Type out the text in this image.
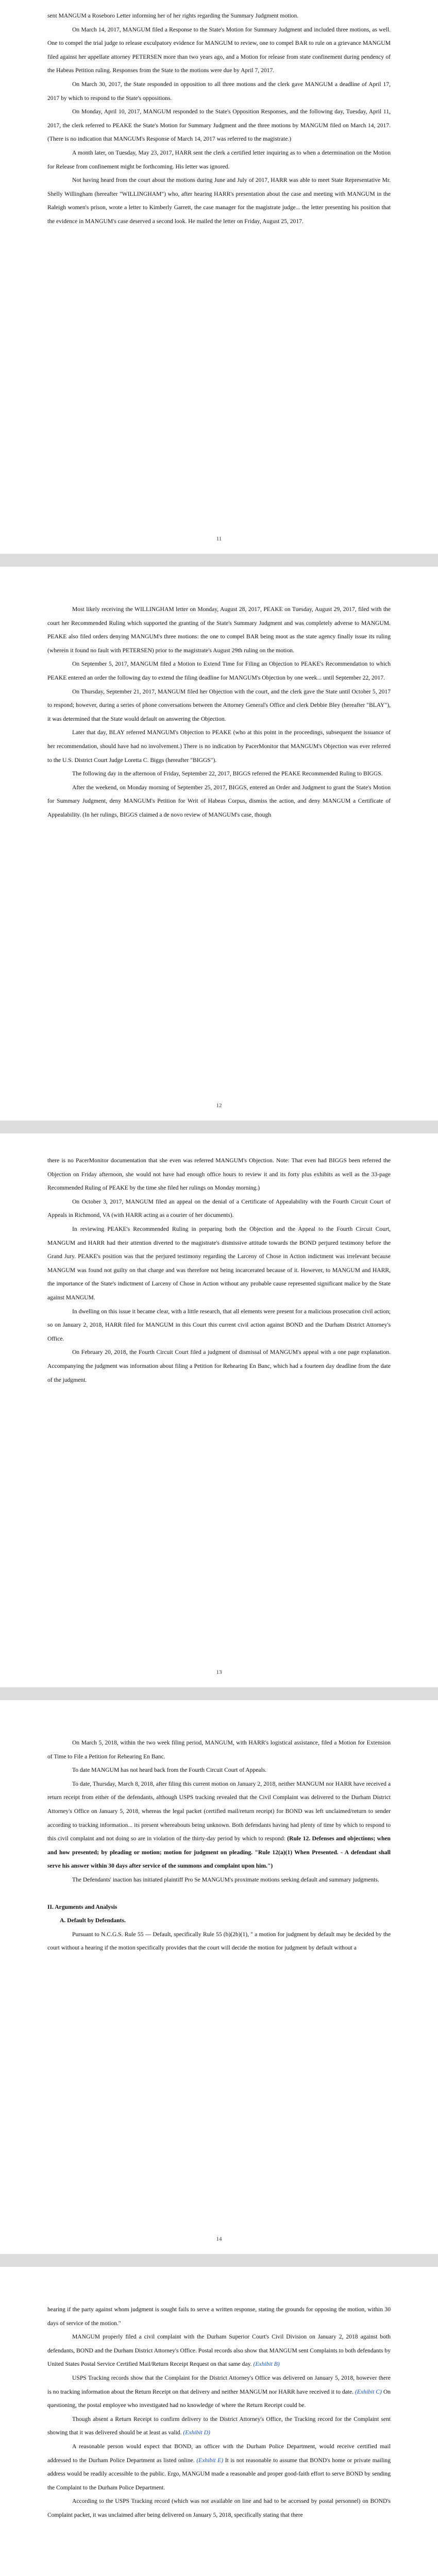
sent MANGUM a Roseboro Letter informing her of her rights regarding the Summary Judgment motion.

On March 14, 2017, MANGUM filed a Response to the State's Motion for Summary Judgment and included three motions, as well. One to compel the trial judge to release exculpatory evidence for MANGUM to review, one to compel BAR to rule on a grievance MANGUM filed against her appellate attorney PETERSEN more than two years ago, and a Motion for release from state confinement during pendency of the Habeas Petition ruling. Responses from the State to the motions were due by April 7, 2017.

On March 30, 2017, the State responded in opposition to all three motions and the clerk gave MANGUM a deadline of April 17, 2017 by which to respond to the State's oppositions.

On Monday, April 10, 2017, MANGUM responded to the State's Opposition Responses, and the following day, Tuesday, April 11, 2017, the clerk referred to PEAKE the State's Motion for Summary Judgment and the three motions by MANGUM filed on March 14, 2017. (There is no indication that MANGUM's Response of March 14, 2017 was referred to the magistrate.)

A month later, on Tuesday, May 23, 2017, HARR sent the clerk a certified letter inquiring as to when a determination on the Motion for Release from confinement might be forthcoming. His letter was ignored.

Not having heard from the court about the motions during June and July of 2017, HARR was able to meet State Representative Mr. Shelly Willingham (hereafter "WILLINGHAM") who, after hearing HARR's presentation about the case and meeting with MANGUM in the Raleigh women's prison, wrote a letter to Kimberly Garrett, the case manager for the magistrate judge... the letter presenting his position that the evidence in MANGUM's case deserved a second look. He mailed the letter on Friday, August 25, 2017.

11

Most likely receiving the WILLINGHAM letter on Monday, August 28, 2017, PEAKE on Tuesday, August 29, 2017, filed with the court her Recommended Ruling which supported the granting of the State's Summary Judgment and was completely adverse to MANGUM. PEAKE also filed orders denying MANGUM's three motions: the one to compel BAR being moot as the state agency finally issue its ruling (wherein it found no fault with PETERSEN) prior to the magistrate's August 29th ruling on the motion.

On September 5, 2017, MANGUM filed a Motion to Extend Time for Filing an Objection to PEAKE's Recommendation to which PEAKE entered an order the following day to extend the filing deadline for MANGUM's Objection by one week... until September 22, 2017.

On Thursday, September 21, 2017, MANGUM filed her Objection with the court, and the clerk gave the State until October 5, 2017 to respond; however, during a series of phone conversations between the Attorney General's Office and clerk Debbie Bley (hereafter "BLAY"), it was determined that the State would default on answering the Objection.

Later that day, BLAY referred MANGUM's Objection to PEAKE (who at this point in the proceedings, subsequent the issuance of her recommendation, should have had no involvement.) There is no indication by PacerMonitor that MANGUM's Objection was ever referred to the U.S. District Court Judge Loretta C. Biggs (hereafter "BIGGS").

The following day in the afternoon of Friday, September 22, 2017, BIGGS referred the PEAKE Recommended Ruling to BIGGS.

After the weekend, on Monday morning of September 25, 2017, BIGGS, entered an Order and Judgment to grant the State's Motion for Summary Judgment, deny MANGUM's Petition for Writ of Habeas Corpus, dismiss the action, and deny MANGUM a Certificate of Appealability. (In her rulings, BIGGS claimed a de novo review of MANGUM's case, though

12

there is no PacerMonitor documentation that she even was referred MANGUM's Objection. Note: That even had BIGGS been referred the Objection on Friday afternoon, she would not have had enough office hours to review it and its forty plus exhibits as well as the 33-page Recommended Ruling of PEAKE by the time she filed her rulings on Monday morning.)

On October 3, 2017, MANGUM filed an appeal on the denial of a Certificate of Appealability with the Fourth Circuit Court of Appeals in Richmond, VA (with HARR acting as a courier of her documents).

In reviewing PEAKE's Recommended Ruling in preparing both the Objection and the Appeal to the Fourth Circuit Court, MANGUM and HARR had their attention diverted to the magistrate's dismissive attitude towards the BOND perjured testimony before the Grand Jury. PEAKE's position was that the perjured testimony regarding the Larceny of Chose in Action indictment was irrelevant because MANGUM was found not guilty on that charge and was therefore not being incarcerated because of it. However, to MANGUM and HARR, the importance of the State's indictment of Larceny of Chose in Action without any probable cause represented significant malice by the State against MANGUM.

In dwelling on this issue it became clear, with a little research, that all elements were present for a malicious prosecution civil action; so on January 2, 2018, HARR filed for MANGUM in this Court this current civil action against BOND and the Durham District Attorney's Office.

On February 20, 2018, the Fourth Circuit Court filed a judgment of dismissal of MANGUM's appeal with a one page explanation. Accompanying the judgment was information about filing a Petition for Rehearing En Banc, which had a fourteen day deadline from the date of the judgment.

13

On March 5, 2018, within the two week filing period, MANGUM, with HARR's logistical assistance, filed a Motion for Extension of Time to File a Petition for Rehearing En Banc.

To date MANGUM has not heard back from the Fourth Circuit Court of Appeals.

To date, Thursday, March 8, 2018, after filing this current motion on January 2, 2018, neither MANGUM nor HARR have received a return receipt from either of the defendants, although USPS tracking revealed that the Civil Complaint was delivered to the Durham District Attorney's Office on January 5, 2018, whereas the legal packet (certified mail/return receipt) for BOND was left unclaimed/return to sender according to tracking information... its present whereabouts being unknown. Both defendants having had plenty of time by which to respond to this civil complaint and not doing so are in violation of the thirty-day period by which to respond: (Rule 12. Defenses and objections; when and how presented; by pleading or motion; motion for judgment on pleading. "Rule 12(a)(1) When Presented. - A defendant shall serve his answer within 30 days after service of the summons and complaint upon him.")

The Defendants' inaction has initiated plaintiff Pro Se MANGUM's proximate motions seeking default and summary judgments.

II. Arguments and Analysis

A. Default by Defendants.

Pursuant to N.C.G.S. Rule 55 — Default, specifically Rule 55 (b)(2b)(1), " a motion for judgment by default may be decided by the court without a hearing if the motion specifically provides that the court will decide the motion for judgment by default without a

14

hearing if the party against whom judgment is sought fails to serve a written response, stating the grounds for opposing the motion, within 30 days of service of the motion."

MANGUM properly filed a civil complaint with the Durham Superior Court's Civil Division on January 2, 2018 against both defendants, BOND and the Durham District Attorney's Office. Postal records also show that MANGUM sent Complaints to both defendants by United States Postal Service Certified Mail/Return Receipt Request on that same day. (Exhibit B)

USPS Tracking records show that the Complaint for the District Attorney's Office was delivered on January 5, 2018, however there is no tracking information about the Return Receipt on that delivery and neither MANGUM nor HARR have received it to date. (Exhibit C) On questioning, the postal employee who investigated had no knowledge of where the Return Receipt could be.

Though absent a Return Receipt to confirm delivery to the District Attorney's Office, the Tracking record for the Complaint sent showing that it was delivered should be at least as valid. (Exhibit D)

A reasonable person would expect that BOND, an officer with the Durham Police Department, would receive certified mail addressed to the Durham Police Department as listed online. (Exhibit E) It is not reasonable to assume that BOND's home or private mailing address would be readily accessible to the public. Ergo, MANGUM made a reasonable and proper good-faith effort to serve BOND by sending the Complaint to the Durham Police Department.

According to the USPS Tracking record (which was not available on line and had to be accessed by postal personnel) on BOND's Complaint packet, it was unclaimed after being delivered on January 5, 2018, specifically stating that there
